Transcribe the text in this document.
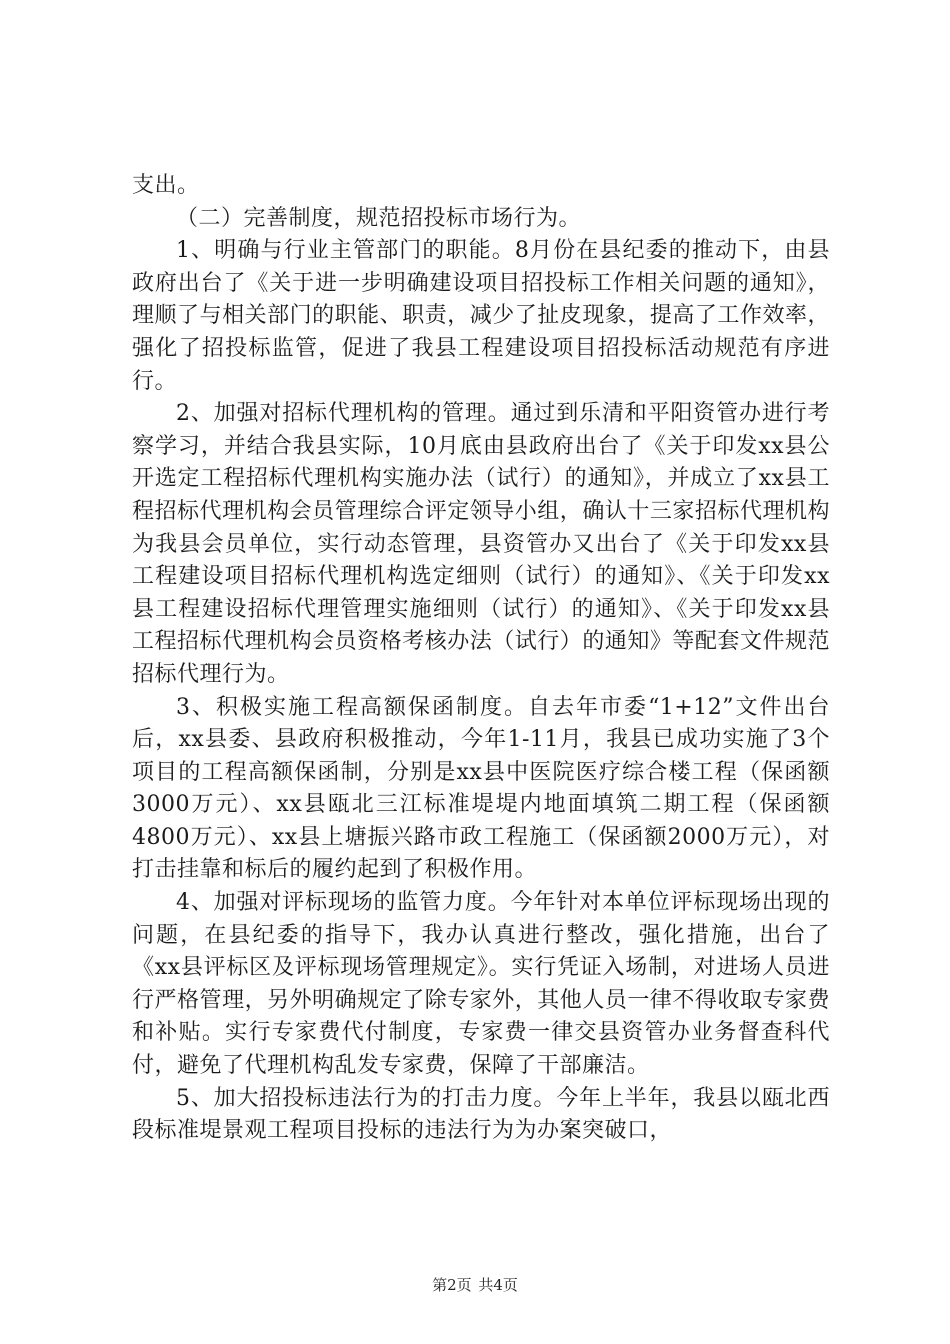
支出。

（二）完善制度，规范招投标市场行为。

1、明确与行业主管部门的职能。8月份在县纪委的推动下，由县政府出台了《关于进一步明确建设项目招投标工作相关问题的通知》，理顺了与相关部门的职能、职责，减少了扯皮现象，提高了工作效率，强化了招投标监管，促进了我县工程建设项目招投标活动规范有序进行。

2、加强对招标代理机构的管理。通过到乐清和平阳资管办进行考察学习，并结合我县实际，10月底由县政府出台了《关于印发xx县公开选定工程招标代理机构实施办法（试行）的通知》，并成立了xx县工程招标代理机构会员管理综合评定领导小组，确认十三家招标代理机构为我县会员单位，实行动态管理，县资管办又出台了《关于印发xx县工程建设项目招标代理机构选定细则（试行）的通知》、《关于印发xx县工程建设招标代理管理实施细则（试行）的通知》、《关于印发xx县工程招标代理机构会员资格考核办法（试行）的通知》等配套文件规范招标代理行为。

3、积极实施工程高额保函制度。自去年市委“1+12”文件出台后，xx县委、县政府积极推动，今年1-11月，我县已成功实施了3个项目的工程高额保函制，分别是xx县中医院医疗综合楼工程（保函额3000万元）、xx县瓯北三江标准堤堤内地面填筑二期工程（保函额4800万元）、xx县上塘振兴路市政工程施工（保函额2000万元），对打击挂靠和标后的履约起到了积极作用。

4、加强对评标现场的监管力度。今年针对本单位评标现场出现的问题，在县纪委的指导下，我办认真进行整改，强化措施，出台了《xx县评标区及评标现场管理规定》。实行凭证入场制，对进场人员进行严格管理，另外明确规定了除专家外，其他人员一律不得收取专家费和补贴。实行专家费代付制度，专家费一律交县资管办业务督查科代付，避免了代理机构乱发专家费，保障了干部廉洁。

5、加大招投标违法行为的打击力度。今年上半年，我县以瓯北西段标准堤景观工程项目投标的违法行为为办案突破口，

第2页 共4页
